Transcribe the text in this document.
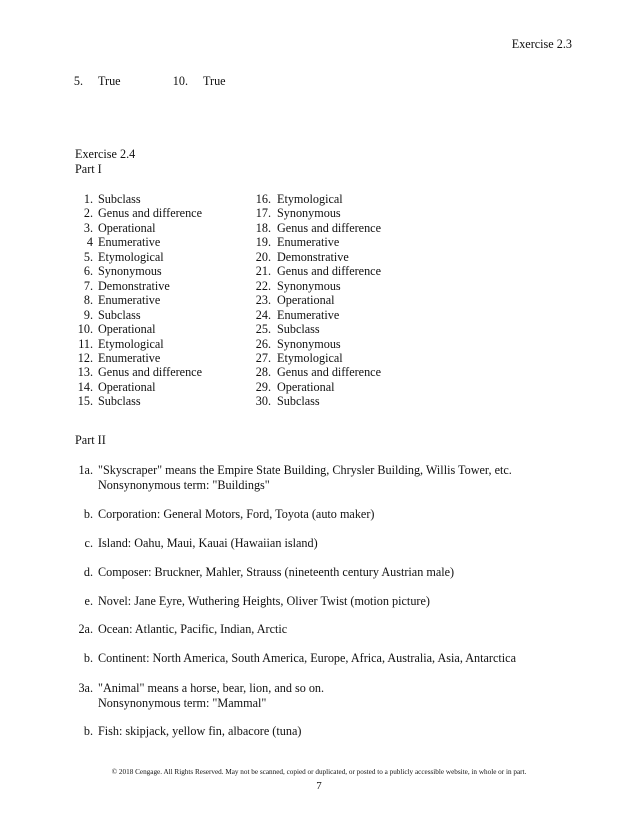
Exercise 2.3
5. True	10. True
Exercise 2.4
Part I
1. Subclass
2. Genus and difference
3. Operational
4 Enumerative
5. Etymological
6. Synonymous
7. Demonstrative
8. Enumerative
9. Subclass
10. Operational
11. Etymological
12. Enumerative
13. Genus and difference
14. Operational
15. Subclass
16. Etymological
17. Synonymous
18. Genus and difference
19. Enumerative
20. Demonstrative
21. Genus and difference
22. Synonymous
23. Operational
24. Enumerative
25. Subclass
26. Synonymous
27. Etymological
28. Genus and difference
29. Operational
30. Subclass
Part II
1a. "Skyscraper" means the Empire State Building, Chrysler Building, Willis Tower, etc.
Nonsynonymous term: "Buildings"
b. Corporation: General Motors, Ford, Toyota (auto maker)
c. Island: Oahu, Maui, Kauai (Hawaiian island)
d. Composer: Bruckner, Mahler, Strauss (nineteenth century Austrian male)
e. Novel: Jane Eyre, Wuthering Heights, Oliver Twist (motion picture)
2a. Ocean: Atlantic, Pacific, Indian, Arctic
b. Continent: North America, South America, Europe, Africa, Australia, Asia, Antarctica
3a. "Animal" means a horse, bear, lion, and so on.
Nonsynonymous term: "Mammal"
b. Fish: skipjack, yellow fin, albacore (tuna)
© 2018 Cengage. All Rights Reserved. May not be scanned, copied or duplicated, or posted to a publicly accessible website, in whole or in part.
7
